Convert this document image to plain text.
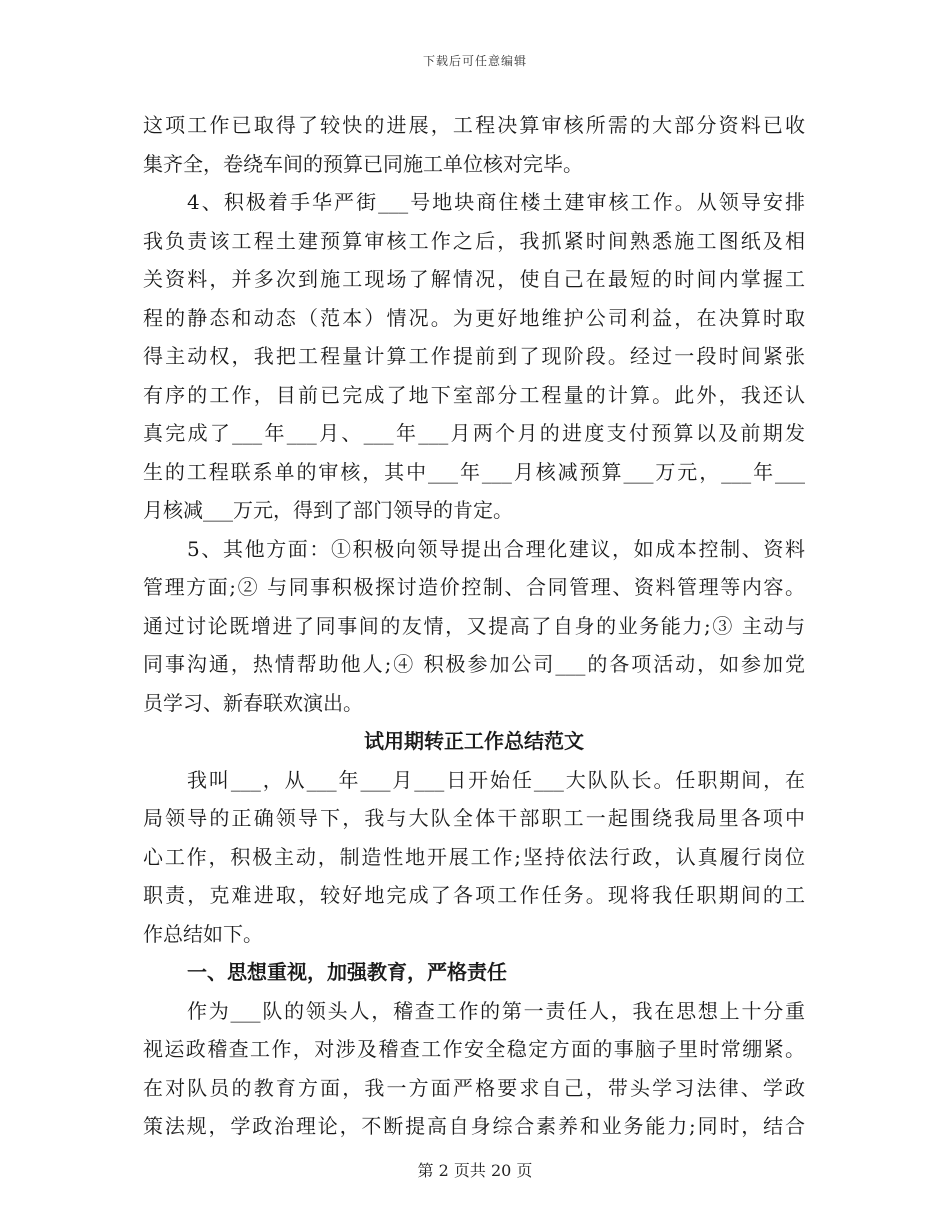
下载后可任意编辑
这项工作已取得了较快的进展，工程决算审核所需的大部分资料已收
集齐全，卷绕车间的预算已同施工单位核对完毕。
4、积极着手华严街___号地块商住楼土建审核工作。从领导安排
我负责该工程土建预算审核工作之后，我抓紧时间熟悉施工图纸及相
关资料，并多次到施工现场了解情况，使自己在最短的时间内掌握工
程的静态和动态（范本）情况。为更好地维护公司利益，在决算时取
得主动权，我把工程量计算工作提前到了现阶段。经过一段时间紧张
有序的工作，目前已完成了地下室部分工程量的计算。此外，我还认
真完成了___年___月、___年___月两个月的进度支付预算以及前期发
生的工程联系单的审核，其中___年___月核减预算___万元，___年___
月核减___万元，得到了部门领导的肯定。
5、其他方面：①积极向领导提出合理化建议，如成本控制、资料
管理方面;② 与同事积极探讨造价控制、合同管理、资料管理等内容。
通过讨论既增进了同事间的友情，又提高了自身的业务能力;③ 主动与
同事沟通，热情帮助他人;④ 积极参加公司___的各项活动，如参加党
员学习、新春联欢演出。
试用期转正工作总结范文
我叫___，从___年___月___日开始任___大队队长。任职期间，在
局领导的正确领导下，我与大队全体干部职工一起围绕我局里各项中
心工作，积极主动，制造性地开展工作;坚持依法行政，认真履行岗位
职责，克难进取，较好地完成了各项工作任务。现将我任职期间的工
作总结如下。
一、思想重视，加强教育，严格责任
作为___队的领头人，稽查工作的第一责任人，我在思想上十分重
视运政稽查工作，对涉及稽查工作安全稳定方面的事脑子里时常绷紧。
在对队员的教育方面，我一方面严格要求自己，带头学习法律、学政
策法规，学政治理论，不断提高自身综合素养和业务能力;同时，结合
第 2 页共 20 页
